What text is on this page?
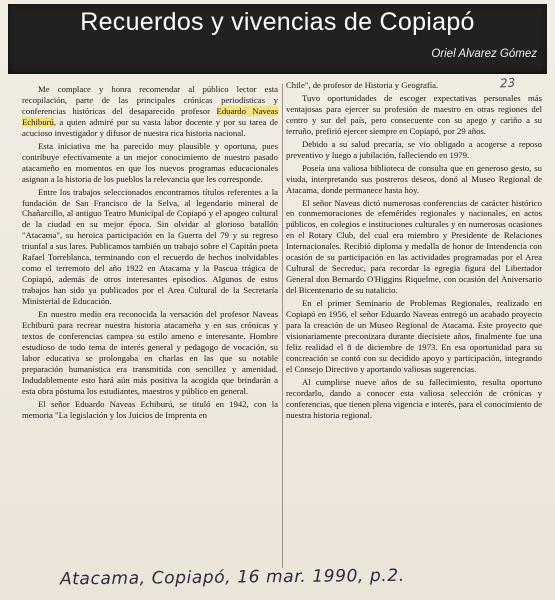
Recuerdos y vivencias de Copiapó
Oriel Alvarez Gómez
23

Me complace y honra recomendar al público lector esta recopilación, parte de las principales crónicas periodísticas y conferencias históricas del desaparecido profesor Eduardo Naveas Echiburú, a quien admiré por su vasta labor docente y por su tarea de acucioso investigador y difusor de nuestra rica historia nacional.

Esta iniciativa me ha parecido muy plausible y oportuna, pues contribuye efectivamente a un mejor conocimiento de nuestro pasado atacameño en momentos en que los nuevos programas educacionales asignan a la historia de los pueblos la relevancia que les corresponde.

Entre los trabajos seleccionados encontramos títulos referentes a la fundación de San Francisco de la Selva, al legendario mineral de Chañarcillo, al antiguo Teatro Municipal de Copiapó y el apogeo cultural de la ciudad en su mejor época. Sin olvidar al glorioso batallón "Atacama", su heroica participación en la Guerra del 79 y su regreso triunfal a sus lares. Publicamos también un trabajo sobre el Capitán poeta Rafael Torreblanca, terminando con el recuerdo de hechos inolvidables como el terremoto del año 1922 en Atacama y la Pascua trágica de Copiapó, además de otros interesantes episodios. Algunos de estos trabajos han sido ya publicados por el Area Cultural de la Secretaría Ministerial de Educación.

En nuestro medio era reconocida la versación del profesor Naveas Echiburú para recrear nuestra historia atacameña y en sus crónicas y textos de conferencias campea su estilo ameno e interesante. Hombre estudioso de todo tema de interés general y pedagogo de vocación, su labor educativa se prolongaba en charlas en las que su notable preparación humanística era transmitida con sencillez y amenidad. Indudablemente esto hará aún más positiva la acogida que brindarán a esta obra póstuma los estudiantes, maestros y público en general.

El señor Eduardo Naveas Echiburú, se tituló en 1942, con la memoria "La legislación y los Juicios de Imprenta en

Chile", de profesor de Historia y Geografía.

Tuvo oportunidades de escoger expectativas personales más ventajosas para ejercer su profesión de maestro en otras regiones del centro y sur del país, pero consecuente con su apego y cariño a su terruño, prefirió ejercer siempre en Copiapó, por 29 años.

Debido a su salud precaria, se vio obligado a acogerse a reposo preventivo y luego a jubilación, falleciendo en 1979.

Poseía una valiosa biblioteca de consulta que en generoso gesto, su viuda, interpretando sus postreros deseos, donó al Museo Regional de Atacama, donde permanece hasta hoy.

El señor Naveas dictó numerosas conferencias de carácter histórico en conmemoraciones de efemérides regionales y nacionales, en actos públicos, en colegios e instituciones culturales y en numerosas ocasiones en el Rotary Club, del cual era miembro y Presidente de Relaciones Internacionales. Recibió diploma y medalla de honor de Intendencia con ocasión de su participación en las actividades programadas por el Area Cultural de Secreduc, para recordar la egregia figura del Libertador General don Bernardo O'Higgins Riquelme, con ocasión del Aniversario del Bicentenario de su natalicio.

En el primer Seminario de Problemas Regionales, realizado en Copiapó en 1956, el señor Eduardo Naveas entregó un acabado proyecto para la creación de un Museo Regional de Atacama. Este proyecto que visionariamente preconizara durante diecisiete años, finalmente fue una feliz realidad el 8 de diciembre de 1973. En esa oportunidad para su concreación se contó con su decidido apoyo y participación, integrando el Consejo Directivo y aportando valiosas sugerencias.

Al cumplirse nueve años de su fallecimiento, resulta oportuno recordarlo, dando a conocer esta valiosa selección de crónicas y conferencias, que tienen plena vigencia e interés, para el conocimiento de nuestra historia regional.

Atacama, Copiapó, 16 mar. 1990, p.2.
